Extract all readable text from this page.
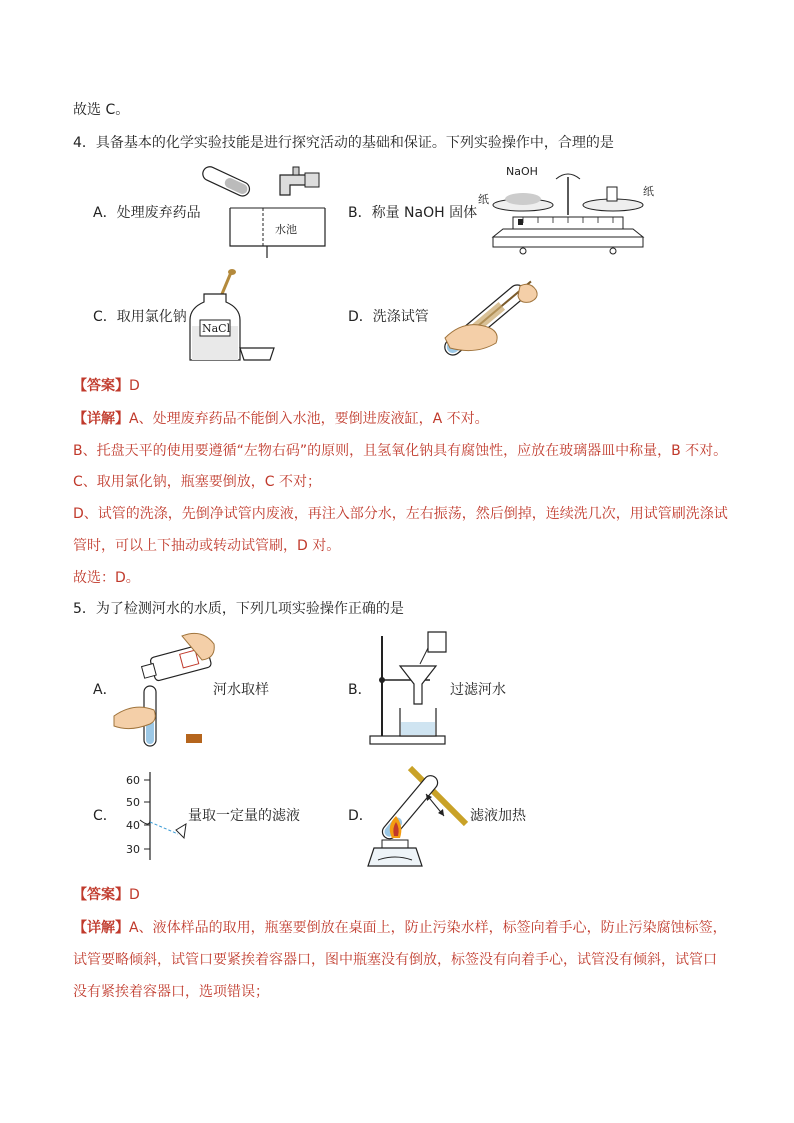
故选 C。
4．具备基本的化学实验技能是进行探究活动的基础和保证。下列实验操作中，合理的是
A．处理废弃药品
水池
B．称量 NaOH 固体
NaOH
纸
纸
C．取用氯化钠
NaCl
D．洗涤试管
【答案】D
【详解】A、处理废弃药品不能倒入水池，要倒进废液缸，A 不对。
B、托盘天平的使用要遵循“左物右码”的原则，且氢氧化钠具有腐蚀性，应放在玻璃器皿中称量，B 不对。
C、取用氯化钠，瓶塞要倒放，C 不对；
D、试管的洗涤，先倒净试管内废液，再注入部分水，左右振荡，然后倒掉，连续洗几次，用试管刷洗涤试
管时，可以上下抽动或转动试管刷，D 对。
故选：D。
5．为了检测河水的水质，下列几项实验操作正确的是
A．	河水取样	B．	过滤河水
C．
60
50
40
30
量取一定量的滤液	D．	滤液加热
【答案】D
【详解】A、液体样品的取用，瓶塞要倒放在桌面上，防止污染水样，标签向着手心，防止污染腐蚀标签，
试管要略倾斜，试管口要紧挨着容器口，图中瓶塞没有倒放，标签没有向着手心，试管没有倾斜，试管口
没有紧挨着容器口，选项错误；
